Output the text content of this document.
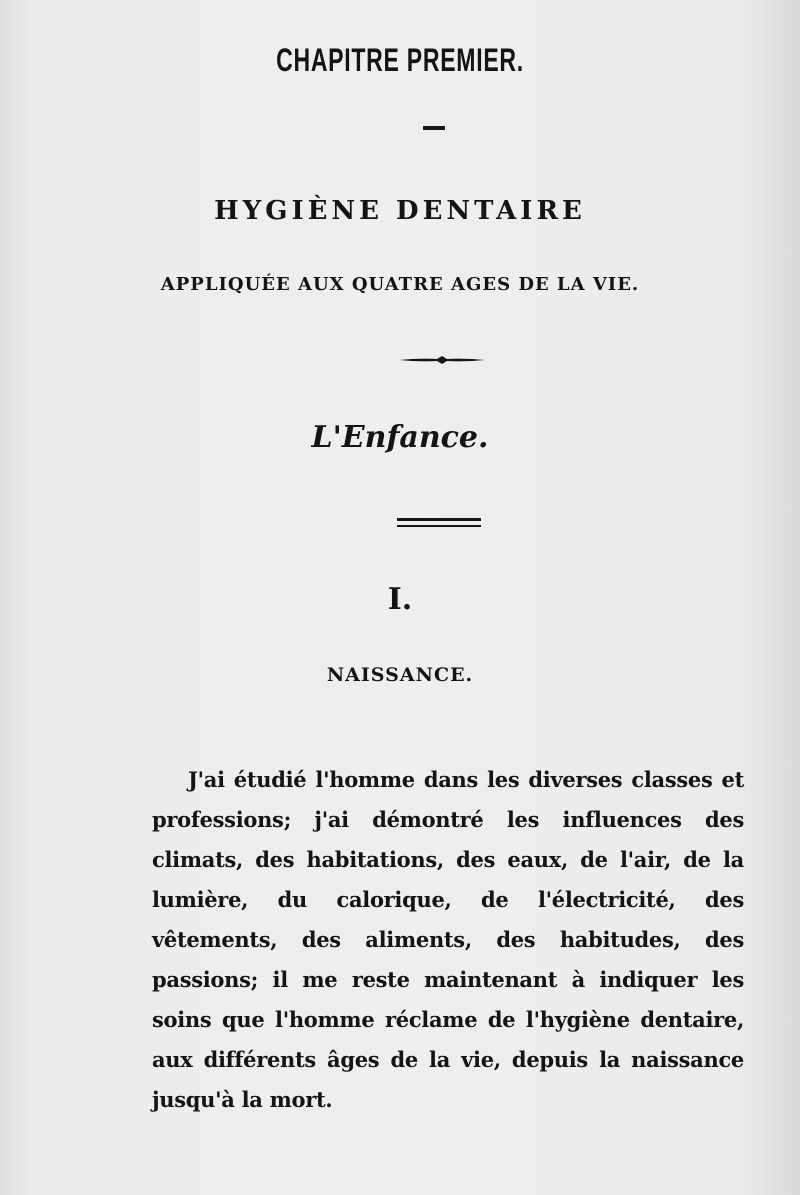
CHAPITRE PREMIER.
HYGIÈNE DENTAIRE
APPLIQUÉE AUX QUATRE AGES DE LA VIE.
L'Enfance.
I.
NAISSANCE.

J'ai étudié l'homme dans les diverses classes et professions; j'ai démontré les influences des climats, des habitations, des eaux, de l'air, de la lumière, du calorique, de l'électricité, des vêtements, des aliments, des habitudes, des passions; il me reste maintenant à indiquer les soins que l'homme réclame de l'hygiène dentaire, aux différents âges de la vie, depuis la naissance jusqu'à la mort.
